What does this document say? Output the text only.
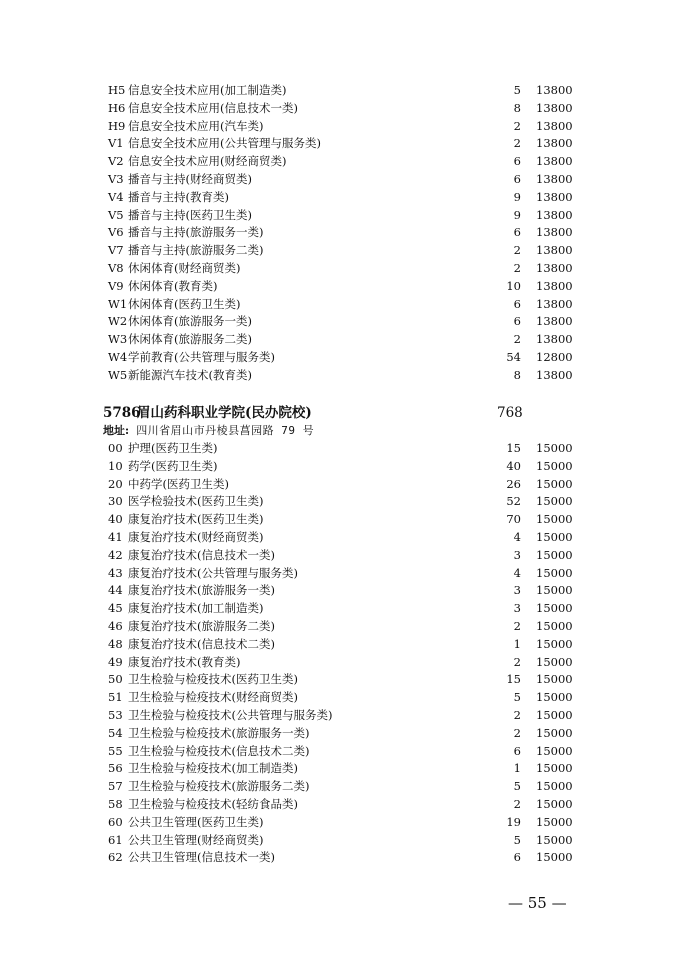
H5 信息安全技术应用(加工制造类)	5 13800
H6 信息安全技术应用(信息技术一类)	8 13800
H9 信息安全技术应用(汽车类)	2 13800
V1 信息安全技术应用(公共管理与服务类)	2 13800
V2 信息安全技术应用(财经商贸类)	6 13800
V3 播音与主持(财经商贸类)	6 13800
V4 播音与主持(教育类)	9 13800
V5 播音与主持(医药卫生类)	9 13800
V6 播音与主持(旅游服务一类)	6 13800
V7 播音与主持(旅游服务二类)	2 13800
V8 休闲体育(财经商贸类)	2 13800
V9 休闲体育(教育类)	10 13800
W1 休闲体育(医药卫生类)	6 13800
W2 休闲体育(旅游服务一类)	6 13800
W3 休闲体育(旅游服务二类)	2 13800
W4 学前教育(公共管理与服务类)	54 12800
W5 新能源汽车技术(教育类)	8 13800
5786
眉山药科职业学院(民办院校)	768
地址: 四川省眉山市丹棱县菖园路 79 号
00 护理(医药卫生类)	15 15000
10 药学(医药卫生类)	40 15000
20 中药学(医药卫生类)	26 15000
30 医学检验技术(医药卫生类)	52 15000
40 康复治疗技术(医药卫生类)	70 15000
41 康复治疗技术(财经商贸类)	4 15000
42 康复治疗技术(信息技术一类)	3 15000
43 康复治疗技术(公共管理与服务类)	4 15000
44 康复治疗技术(旅游服务一类)	3 15000
45 康复治疗技术(加工制造类)	3 15000
46 康复治疗技术(旅游服务二类)	2 15000
48 康复治疗技术(信息技术二类)	1 15000
49 康复治疗技术(教育类)	2 15000
50 卫生检验与检疫技术(医药卫生类)	15 15000
51 卫生检验与检疫技术(财经商贸类)	5 15000
53 卫生检验与检疫技术(公共管理与服务类)	2 15000
54 卫生检验与检疫技术(旅游服务一类)	2 15000
55 卫生检验与检疫技术(信息技术二类)	6 15000
56 卫生检验与检疫技术(加工制造类)	1 15000
57 卫生检验与检疫技术(旅游服务二类)	5 15000
58 卫生检验与检疫技术(轻纺食品类)	2 15000
60 公共卫生管理(医药卫生类)	19 15000
61 公共卫生管理(财经商贸类)	5 15000
62 公共卫生管理(信息技术一类)	6 15000
— 55 —
